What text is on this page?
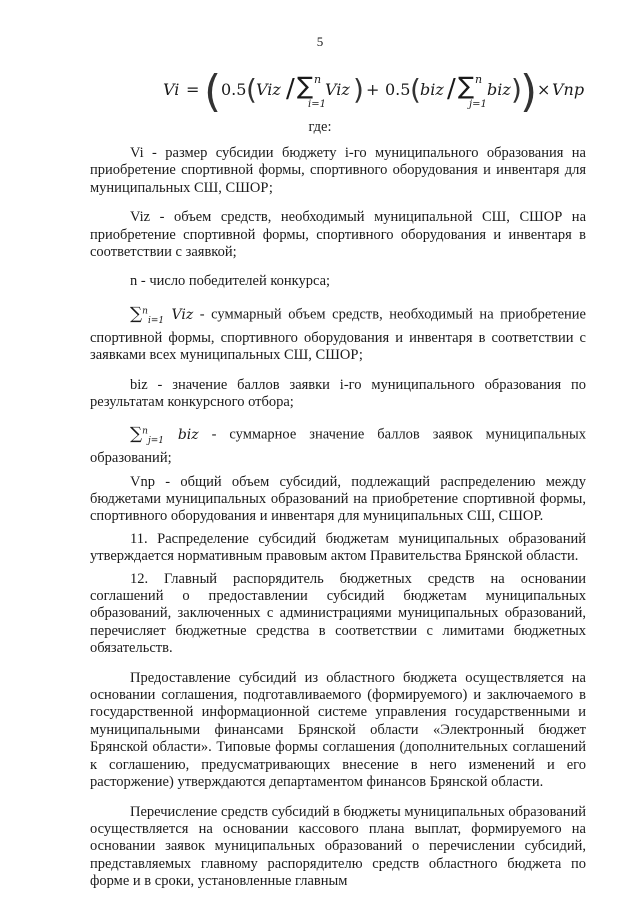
5
Vi = ( 0.5 ( Viz / ∑ n
i=1
Viz ) + 0.5 ( biz / ∑ n
j=1
biz )
) × Vnp
где:

Vi - размер субсидии бюджету i-го муниципального образования на приобретение спортивной формы, спортивного оборудования и инвентаря для муниципальных СШ, СШОР;

Viz - объем средств, необходимый муниципальной СШ, СШОР на приобретение спортивной формы, спортивного оборудования и инвентаря в соответствии с заявкой;

n - число победителей конкурса;

∑$^n_{i=1}$ Viz - суммарный объем средств, необходимый на приобретение спортивной формы, спортивного оборудования и инвентаря в соответствии с заявками всех муниципальных СШ, СШОР;

biz - значение баллов заявки i-го муниципального образования по результатам конкурсного отбора;

∑$^n_{j=1}$ biz - суммарное значение баллов заявок муниципальных образований;

Vnp - общий объем субсидий, подлежащий распределению между бюджетами муниципальных образований на приобретение спортивной формы, спортивного оборудования и инвентаря для муниципальных СШ, СШОР.

11. Распределение субсидий бюджетам муниципальных образований утверждается нормативным правовым актом Правительства Брянской области.

12. Главный распорядитель бюджетных средств на основании соглашений о предоставлении субсидий бюджетам муниципальных образований, заключенных с администрациями муниципальных образований, перечисляет бюджетные средства в соответствии с лимитами бюджетных обязательств.

Предоставление субсидий из областного бюджета осуществляется на основании соглашения, подготавливаемого (формируемого) и заключаемого в государственной информационной системе управления государственными и муниципальными финансами Брянской области «Электронный бюджет Брянской области». Типовые формы соглашения (дополнительных соглашений к соглашению, предусматривающих внесение в него изменений и его расторжение) утверждаются департаментом финансов Брянской области.

Перечисление средств субсидий в бюджеты муниципальных образований осуществляется на основании кассового плана выплат, формируемого на основании заявок муниципальных образований о перечислении субсидий, представляемых главному распорядителю средств областного бюджета по форме и в сроки, установленные главным
